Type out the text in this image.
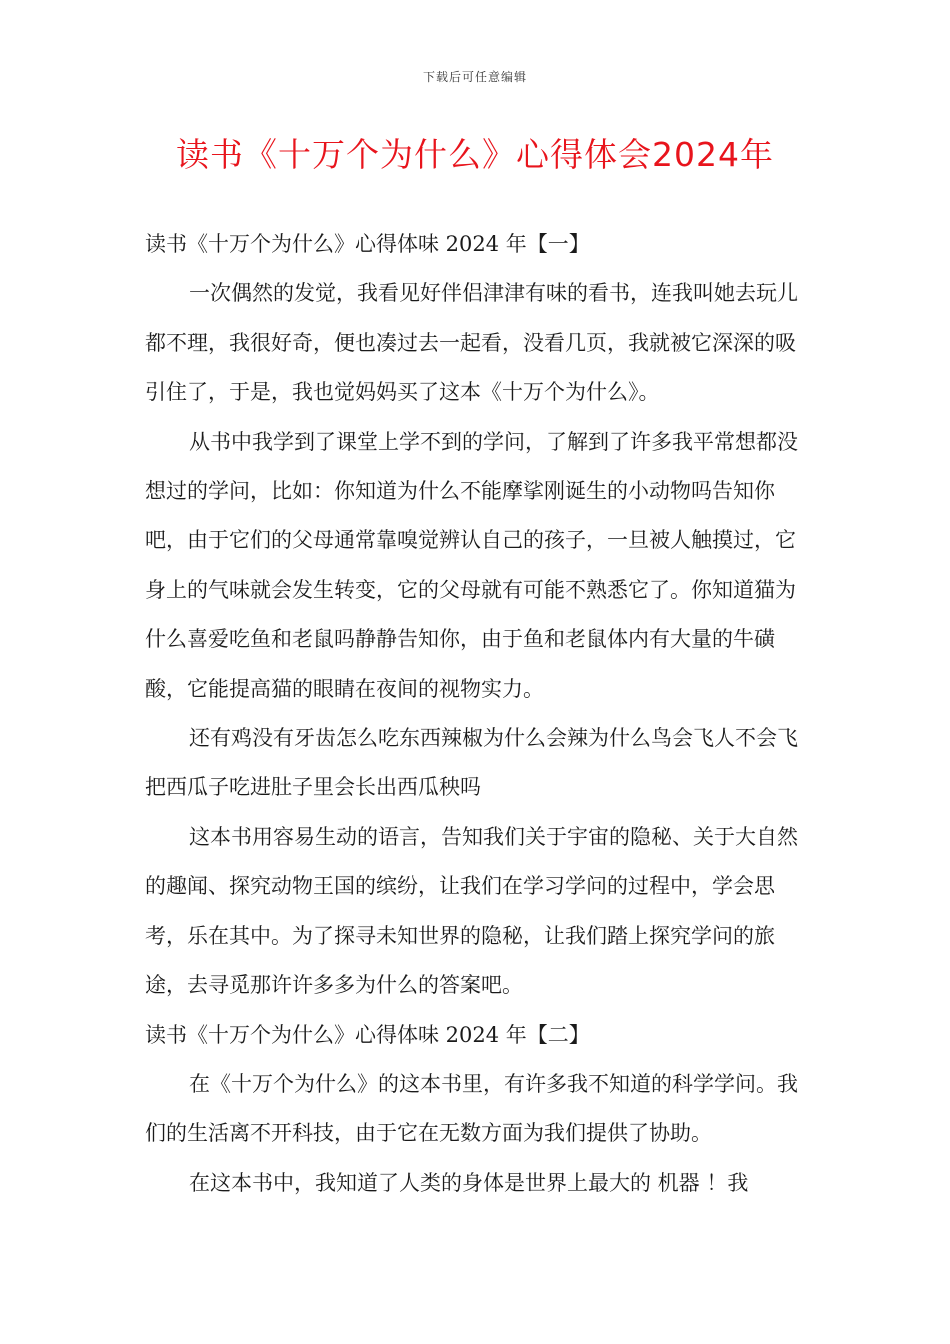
下载后可任意编辑
读书《十万个为什么》心得体会2024年

读书《十万个为什么》心得体味 2024 年【一】

一次偶然的发觉，我看见好伴侣津津有味的看书，连我叫她去玩儿都不理，我很好奇，便也凑过去一起看，没看几页，我就被它深深的吸引住了，于是，我也觉妈妈买了这本《十万个为什么》。

从书中我学到了课堂上学不到的学问，了解到了许多我平常想都没想过的学问，比如：你知道为什么不能摩挲刚诞生的小动物吗告知你吧，由于它们的父母通常靠嗅觉辨认自己的孩子，一旦被人触摸过，它身上的气味就会发生转变，它的父母就有可能不熟悉它了。你知道猫为什么喜爱吃鱼和老鼠吗静静告知你，由于鱼和老鼠体内有大量的牛磺酸，它能提高猫的眼睛在夜间的视物实力。

还有鸡没有牙齿怎么吃东西辣椒为什么会辣为什么鸟会飞人不会飞把西瓜子吃进肚子里会长出西瓜秧吗

这本书用容易生动的语言，告知我们关于宇宙的隐秘、关于大自然的趣闻、探究动物王国的缤纷，让我们在学习学问的过程中，学会思考，乐在其中。为了探寻未知世界的隐秘，让我们踏上探究学问的旅途，去寻觅那许许多多为什么的答案吧。

读书《十万个为什么》心得体味 2024 年【二】

在《十万个为什么》的这本书里，有许多我不知道的科学学问。我们的生活离不开科技，由于它在无数方面为我们提供了协助。

在这本书中，我知道了人类的身体是世界上最大的 机器 ！我
